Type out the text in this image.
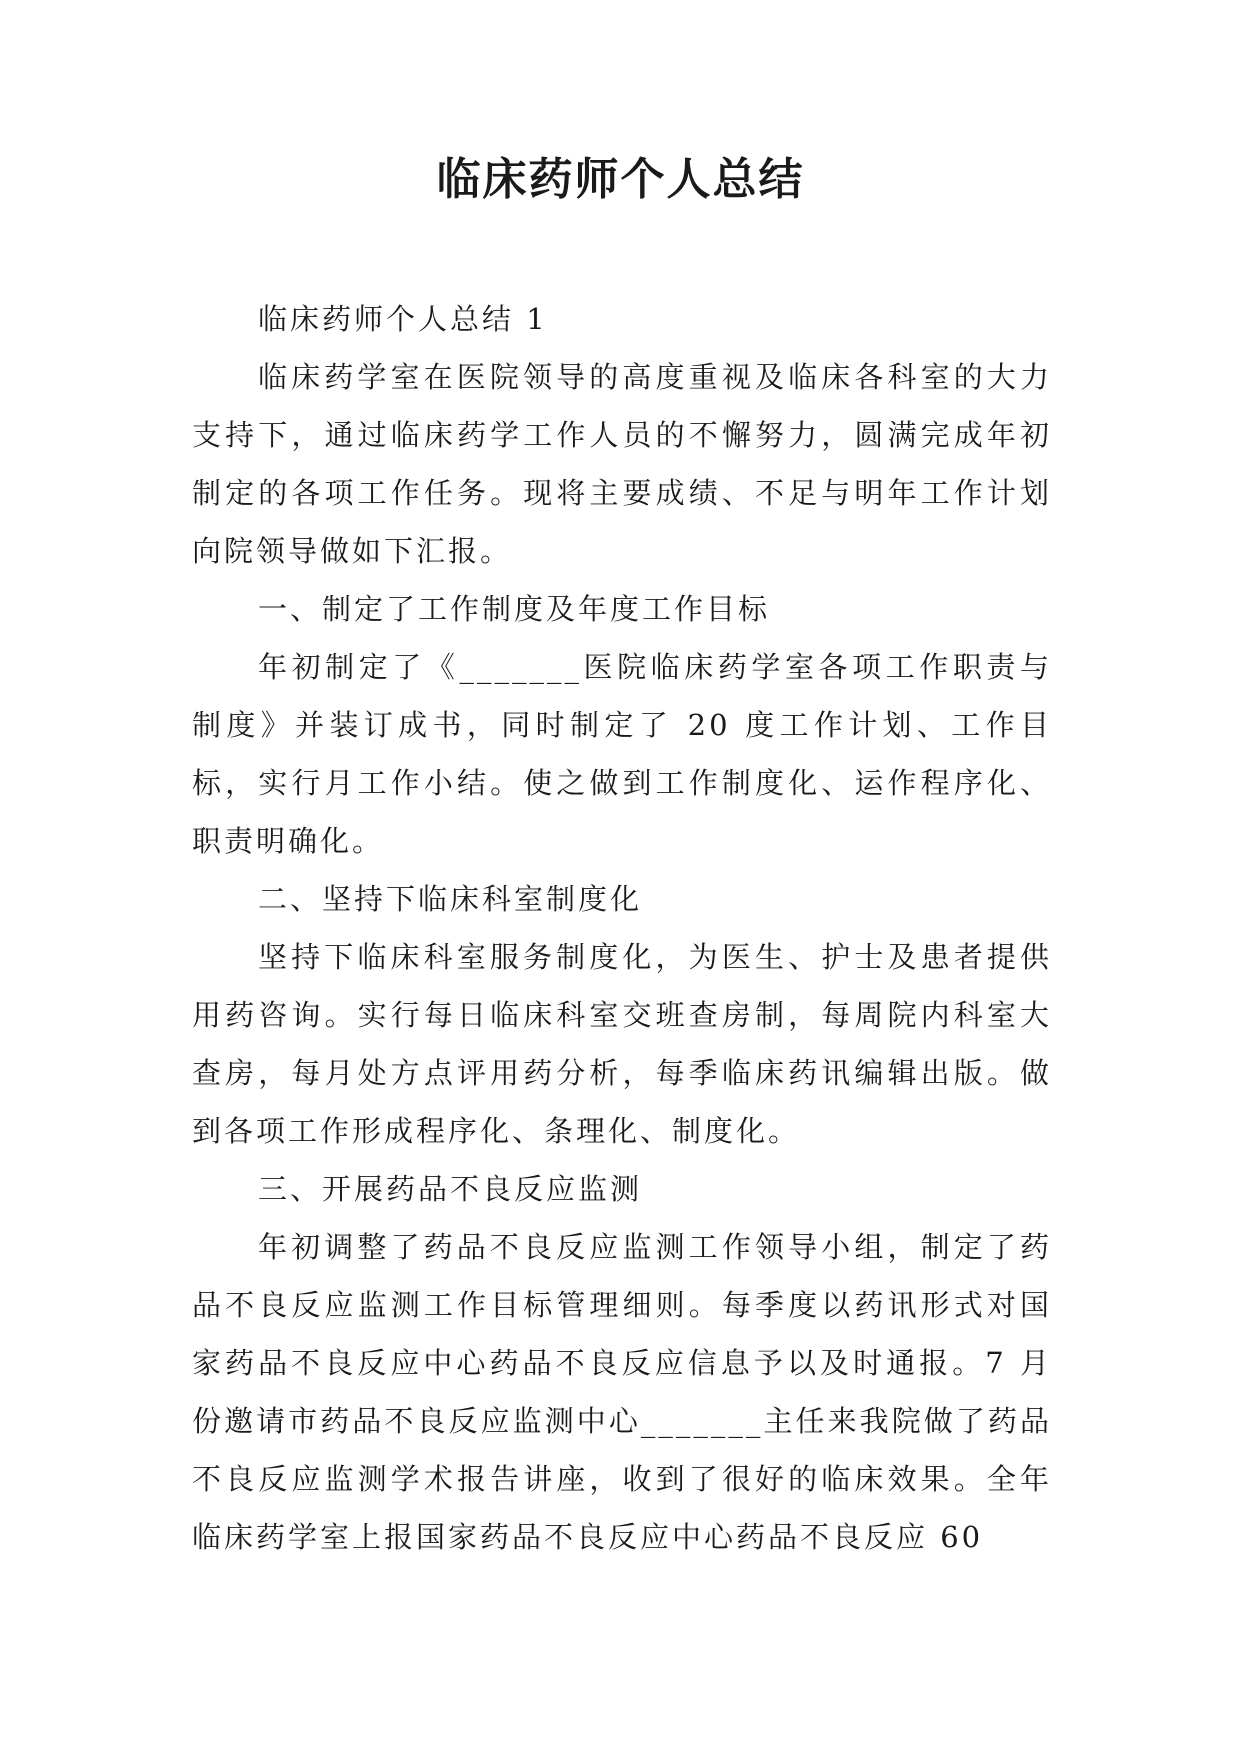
临床药师个人总结

临床药师个人总结 1

临床药学室在医院领导的高度重视及临床各科室的大力支持下，通过临床药学工作人员的不懈努力，圆满完成年初制定的各项工作任务。现将主要成绩、不足与明年工作计划向院领导做如下汇报。

一、制定了工作制度及年度工作目标

年初制定了《_______医院临床药学室各项工作职责与制度》并装订成书，同时制定了 20 度工作计划、工作目标，实行月工作小结。使之做到工作制度化、运作程序化、职责明确化。

二、坚持下临床科室制度化

坚持下临床科室服务制度化，为医生、护士及患者提供用药咨询。实行每日临床科室交班查房制，每周院内科室大查房，每月处方点评用药分析，每季临床药讯编辑出版。做到各项工作形成程序化、条理化、制度化。

三、开展药品不良反应监测

年初调整了药品不良反应监测工作领导小组，制定了药品不良反应监测工作目标管理细则。每季度以药讯形式对国家药品不良反应中心药品不良反应信息予以及时通报。7 月份邀请市药品不良反应监测中心_______主任来我院做了药品不良反应监测学术报告讲座，收到了很好的临床效果。全年临床药学室上报国家药品不良反应中心药品不良反应 60
